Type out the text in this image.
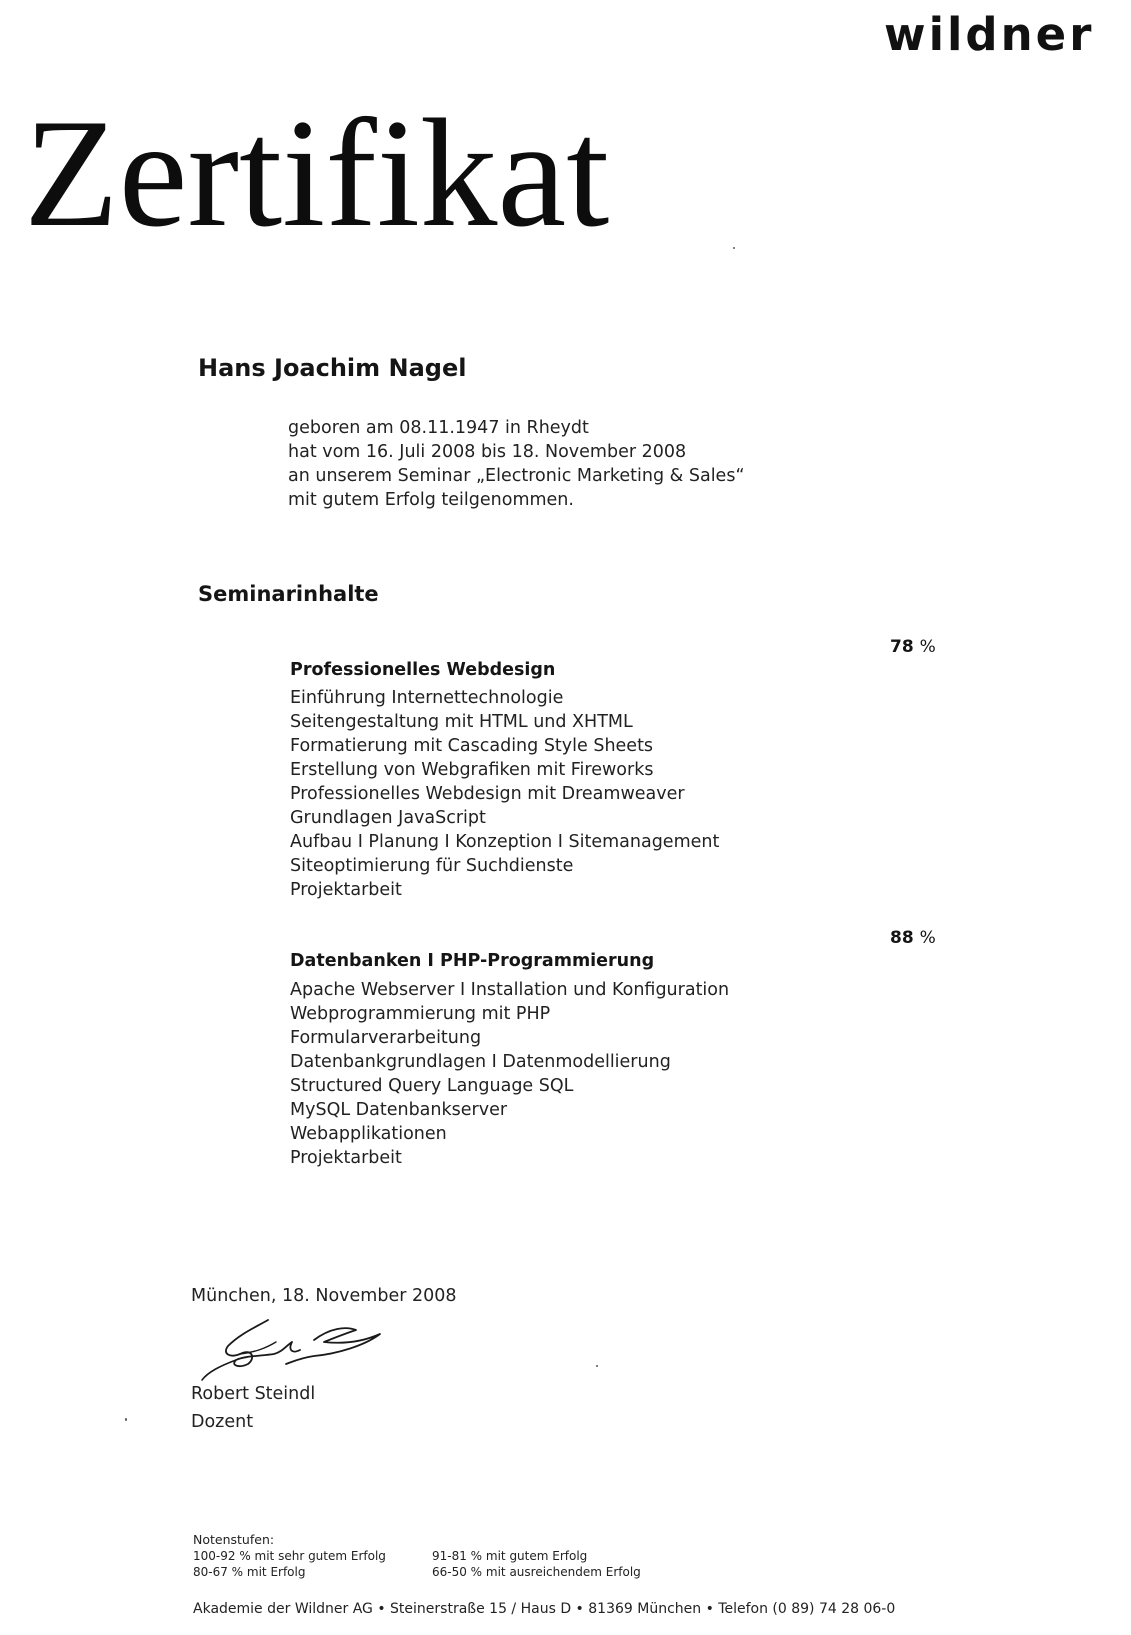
wildner
Zertifikat
Hans Joachim Nagel
geboren am 08.11.1947 in Rheydt
hat vom 16. Juli 2008 bis 18. November 2008
an unserem Seminar „Electronic Marketing & Sales“
mit gutem Erfolg teilgenommen.
Seminarinhalte
78 %
Professionelles Webdesign
Einführung Internettechnologie
Seitengestaltung mit HTML und XHTML
Formatierung mit Cascading Style Sheets
Erstellung von Webgrafiken mit Fireworks
Professionelles Webdesign mit Dreamweaver
Grundlagen JavaScript
Aufbau I Planung I Konzeption I Sitemanagement
Siteoptimierung für Suchdienste
Projektarbeit
88 %
Datenbanken I PHP-Programmierung
Apache Webserver I Installation und Konfiguration
Webprogrammierung mit PHP
Formularverarbeitung
Datenbankgrundlagen I Datenmodellierung
Structured Query Language SQL
MySQL Datenbankserver
Webapplikationen
Projektarbeit
München, 18. November 2008
Robert Steindl
Dozent
Notenstufen:
100-92 % mit sehr gutem Erfolg	91-81 % mit gutem Erfolg
80-67 % mit Erfolg	66-50 % mit ausreichendem Erfolg
Akademie der Wildner AG • Steinerstraße 15 / Haus D • 81369 München • Telefon (0 89) 74 28 06-0
